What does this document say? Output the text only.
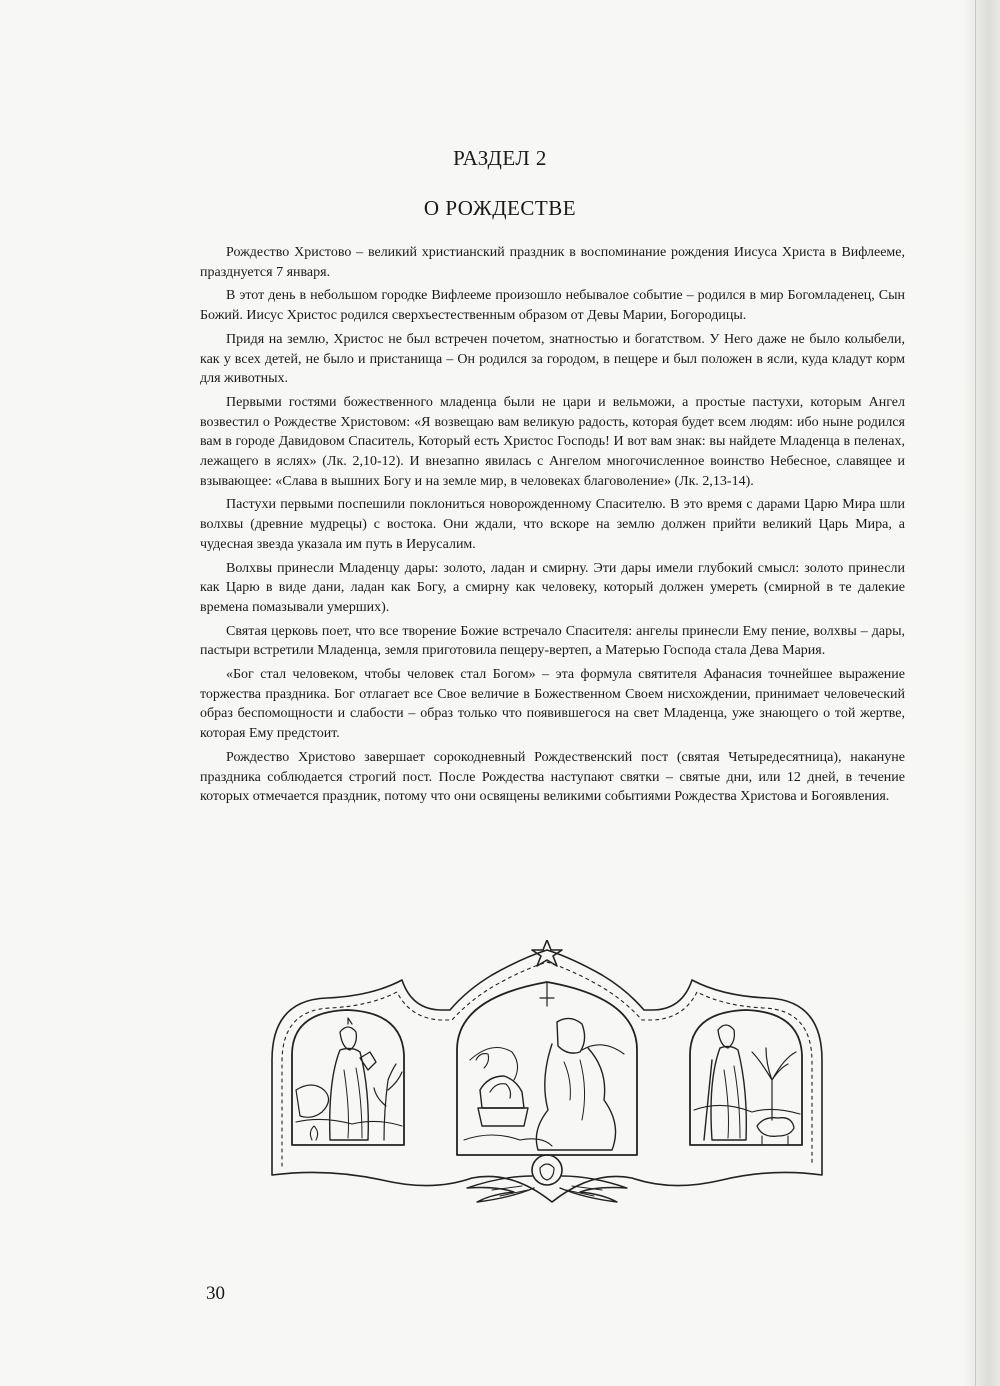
РАЗДЕЛ 2
О РОЖДЕСТВЕ

Рождество Христово – великий христианский праздник в воспоминание рождения Иисуса Христа в Вифлееме, празднуется 7 января.

В этот день в небольшом городке Вифлееме произошло небывалое событие – родился в мир Богомладенец, Сын Божий. Иисус Христос родился сверхъестественным образом от Девы Марии, Богородицы.

Придя на землю, Христос не был встречен почетом, знатностью и богатством. У Него даже не было колыбели, как у всех детей, не было и пристанища – Он родился за городом, в пещере и был положен в ясли, куда кладут корм для животных.

Первыми гостями божественного младенца были не цари и вельможи, а простые пастухи, которым Ангел возвестил о Рождестве Христовом: «Я возвещаю вам великую радость, которая будет всем людям: ибо ныне родился вам в городе Давидовом Спаситель, Который есть Христос Господь! И вот вам знак: вы найдете Младенца в пеленах, лежащего в яслях» (Лк. 2,10-12). И внезапно явилась с Ангелом многочисленное воинство Небесное, славящее и взывающее: «Слава в вышних Богу и на земле мир, в человеках благоволение» (Лк. 2,13-14).

Пастухи первыми поспешили поклониться новорожденному Спасителю. В это время с дарами Царю Мира шли волхвы (древние мудрецы) с востока. Они ждали, что вскоре на землю должен прийти великий Царь Мира, а чудесная звезда указала им путь в Иерусалим.

Волхвы принесли Младенцу дары: золото, ладан и смирну. Эти дары имели глубокий смысл: золото принесли как Царю в виде дани, ладан как Богу, а смирну как человеку, который должен умереть (смирной в те далекие времена помазывали умерших).

Святая церковь поет, что все творение Божие встречало Спасителя: ангелы принесли Ему пение, волхвы – дары, пастыри встретили Младенца, земля приготовила пещеру-вертеп, а Матерью Господа стала Дева Мария.

«Бог стал человеком, чтобы человек стал Богом» – эта формула святителя Афанасия точнейшее выражение торжества праздника. Бог отлагает все Свое величие в Божественном Своем нисхождении, принимает человеческий образ беспомощности и слабости – образ только что появившегося на свет Младенца, уже знающего о той жертве, которая Ему предстоит.

Рождество Христово завершает сорокодневный Рождественский пост (святая Четыредесятница), накануне праздника соблюдается строгий пост. После Рождества наступают святки – святые дни, или 12 дней, в течение которых отмечается праздник, потому что они освящены великими событиями Рождества Христова и Богоявления.

30
